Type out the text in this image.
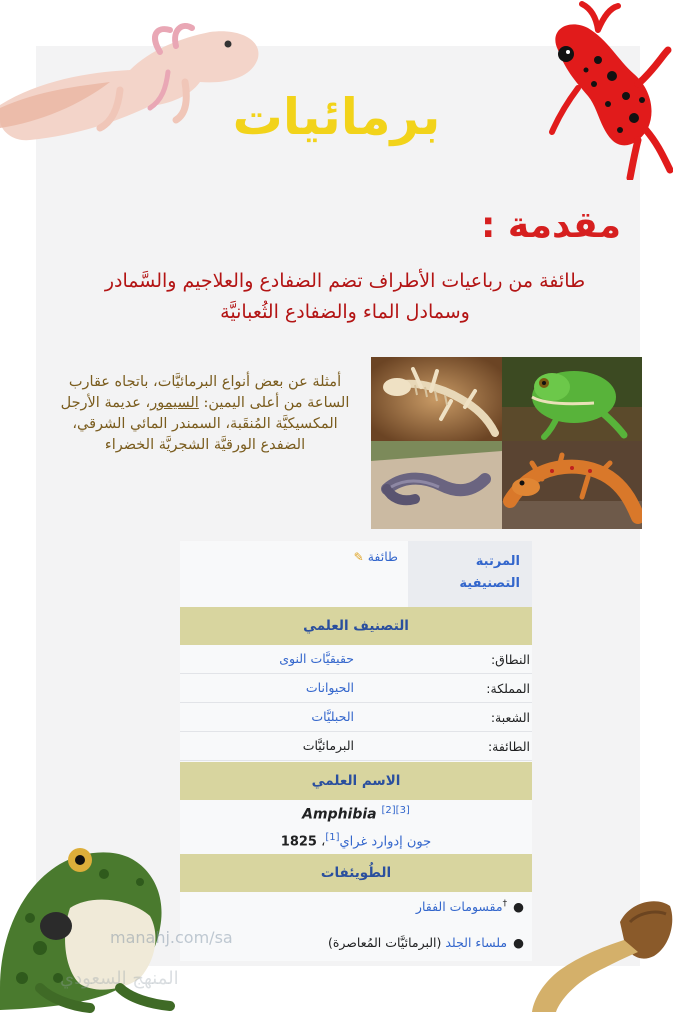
برمائيات
مقدمة :
طائفة من رباعيات الأطراف تضم الضفادع والعلاجيم والسَّمادر
وسمادل الماء والضفادع الثُعبانيَّة
أمثلة عن بعض أنواع البرمائيَّات، باتجاه عقارب الساعة من أعلى اليمين: السيمور، عديمة الأرجل المكسيكيَّة المُنقَبة، السمندر المائي الشرقي، الضفدع الورقيَّة الشجريَّة الخضراء
المرتبة
التصنيفية
طائفة✎
التصنيف العلمي
النطاق:
حقيقيَّات النوى
المملكة:
الحيوانات
الشعبة:
الحبليَّات
الطائفة:
البرمائيَّات
الاسم العلمي
Amphibia [2][3]
جون إدوارد غراي[1]، 1825
الطُويئفات
●†مقسومات الفقار
●ملساء الجلد (البرمائيَّات المُعاصرة)
manahj.com/sa
المنهج السعودي
